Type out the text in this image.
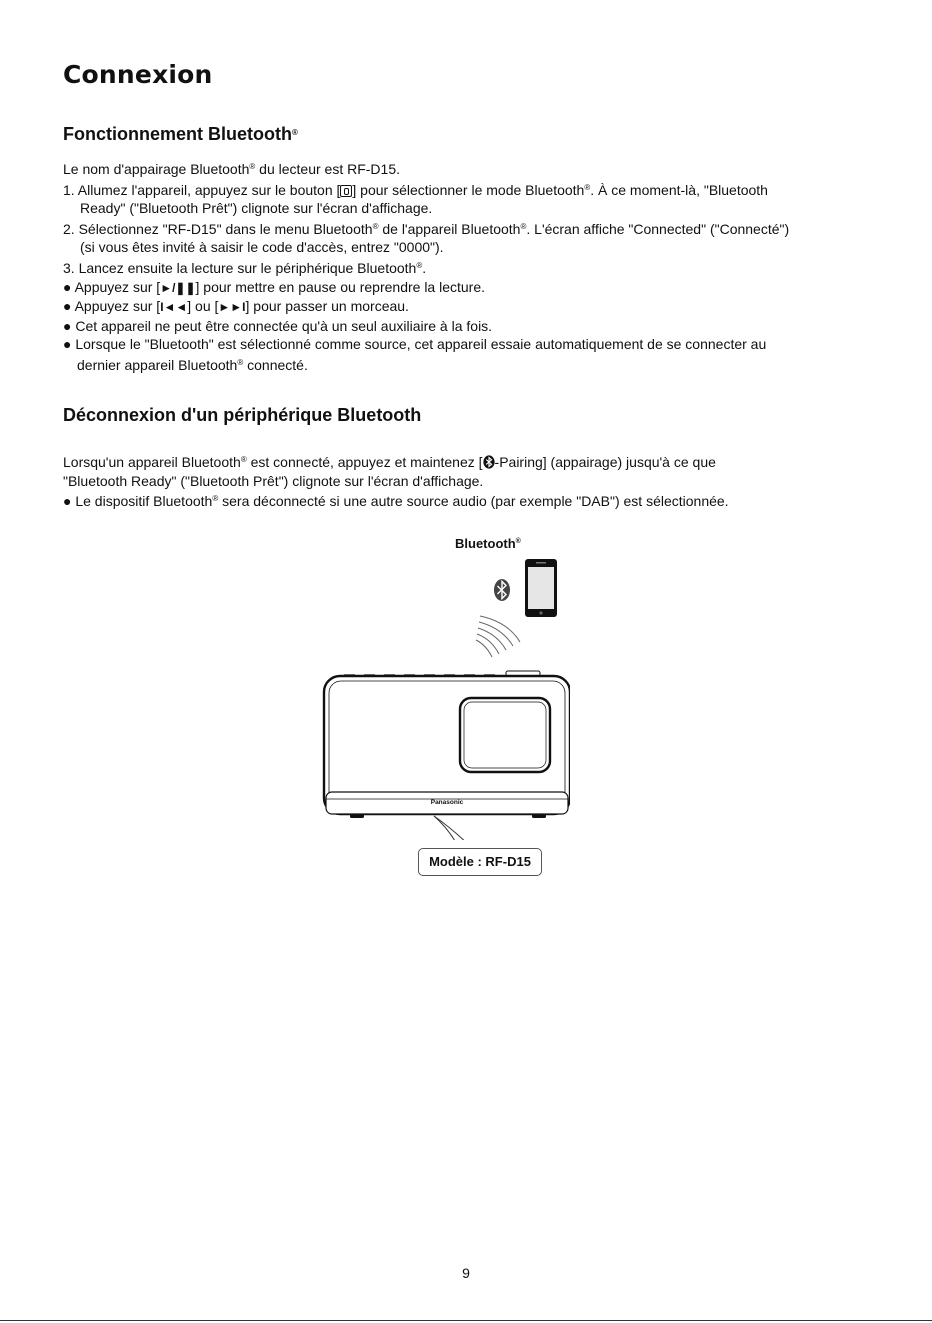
Connexion
Fonctionnement Bluetooth®
Le nom d'appairage Bluetooth® du lecteur est RF-D15.
1. Allumez l'appareil, appuyez sur le bouton [ ] pour sélectionner le mode Bluetooth®. À ce moment-là, "Bluetooth
Ready" ("Bluetooth Prêt") clignote sur l'écran d'affichage.
2. Sélectionnez "RF-D15" dans le menu Bluetooth® de l'appareil Bluetooth®. L'écran affiche "Connected" ("Connecté")
(si vous êtes invité à saisir le code d'accès, entrez "0000").
3. Lancez ensuite la lecture sur le périphérique Bluetooth®.
● Appuyez sur [►/❚❚] pour mettre en pause ou reprendre la lecture.
● Appuyez sur [I◄◄] ou [►►I] pour passer un morceau.
● Cet appareil ne peut être connectée qu'à un seul auxiliaire à la fois.
● Lorsque le "Bluetooth" est sélectionné comme source, cet appareil essaie automatiquement de se connecter au
dernier appareil Bluetooth® connecté.
Déconnexion d'un périphérique Bluetooth
Lorsqu'un appareil Bluetooth® est connecté, appuyez et maintenez [ -Pairing] (appairage) jusqu'à ce que
"Bluetooth Ready" ("Bluetooth Prêt") clignote sur l'écran d'affichage.
● Le dispositif Bluetooth® sera déconnecté si une autre source audio (par exemple "DAB") est sélectionnée.
Bluetooth®
Panasonic
Modèle : RF-D15
9
